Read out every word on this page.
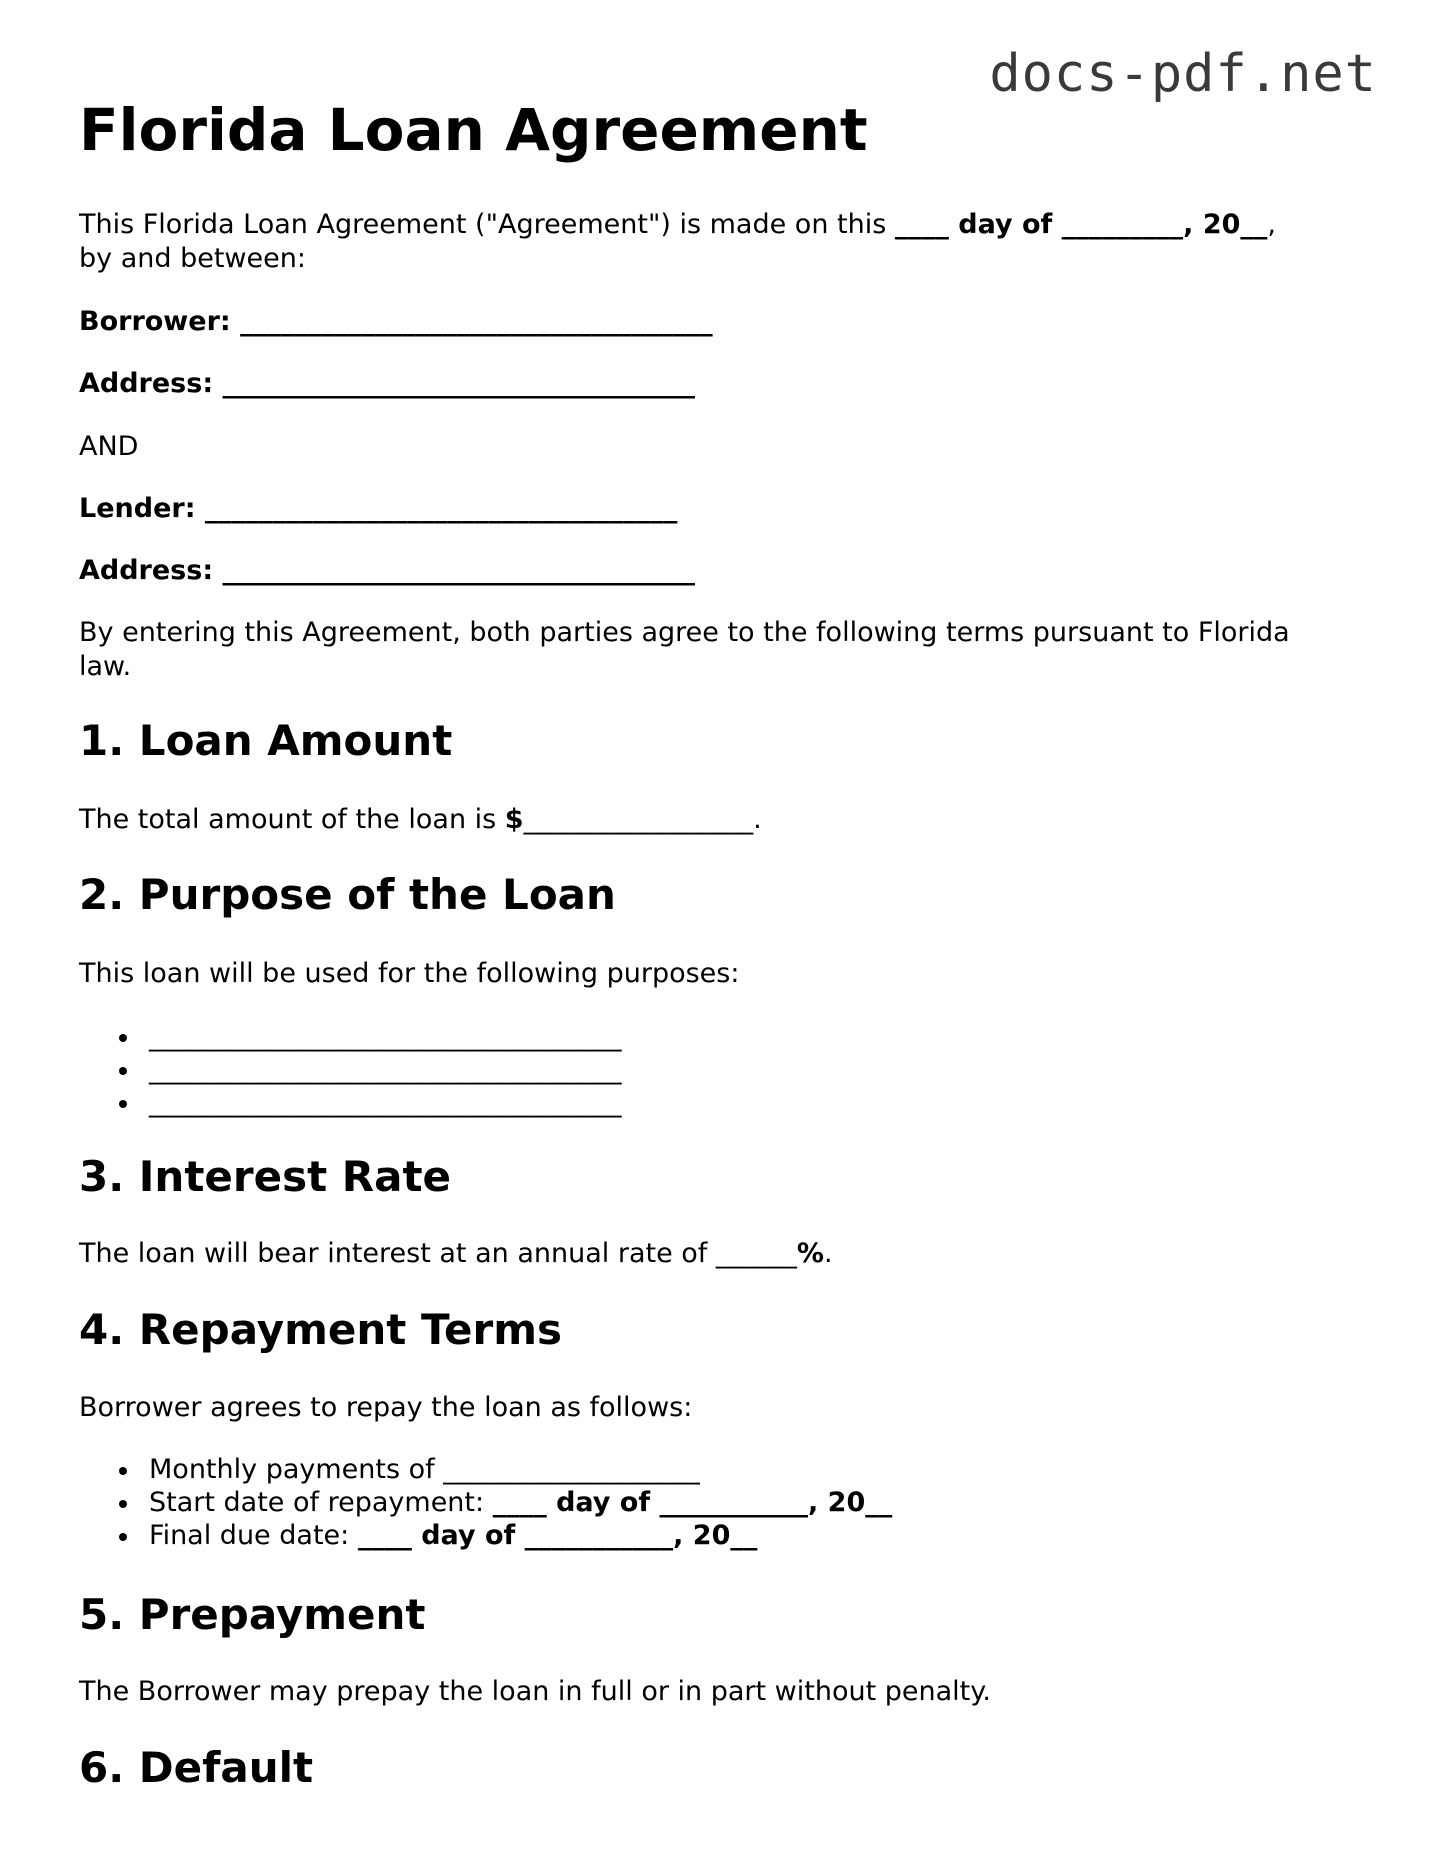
docs-pdf.net
Florida Loan Agreement
This Florida Loan Agreement ("Agreement") is made on this ____ day of _________, 20__,
by and between:
Borrower: ___________________________________
Address: ___________________________________
AND
Lender: ___________________________________
Address: ___________________________________
By entering this Agreement, both parties agree to the following terms pursuant to Florida
law.
1. Loan Amount
The total amount of the loan is $_________________.
2. Purpose of the Loan
This loan will be used for the following purposes:
___________________________________
___________________________________
___________________________________
3. Interest Rate
The loan will bear interest at an annual rate of ______%.
4. Repayment Terms
Borrower agrees to repay the loan as follows:
Monthly payments of ___________________
Start date of repayment: ____ day of ___________, 20__
Final due date: ____ day of ___________, 20__
5. Prepayment
The Borrower may prepay the loan in full or in part without penalty.
6. Default
